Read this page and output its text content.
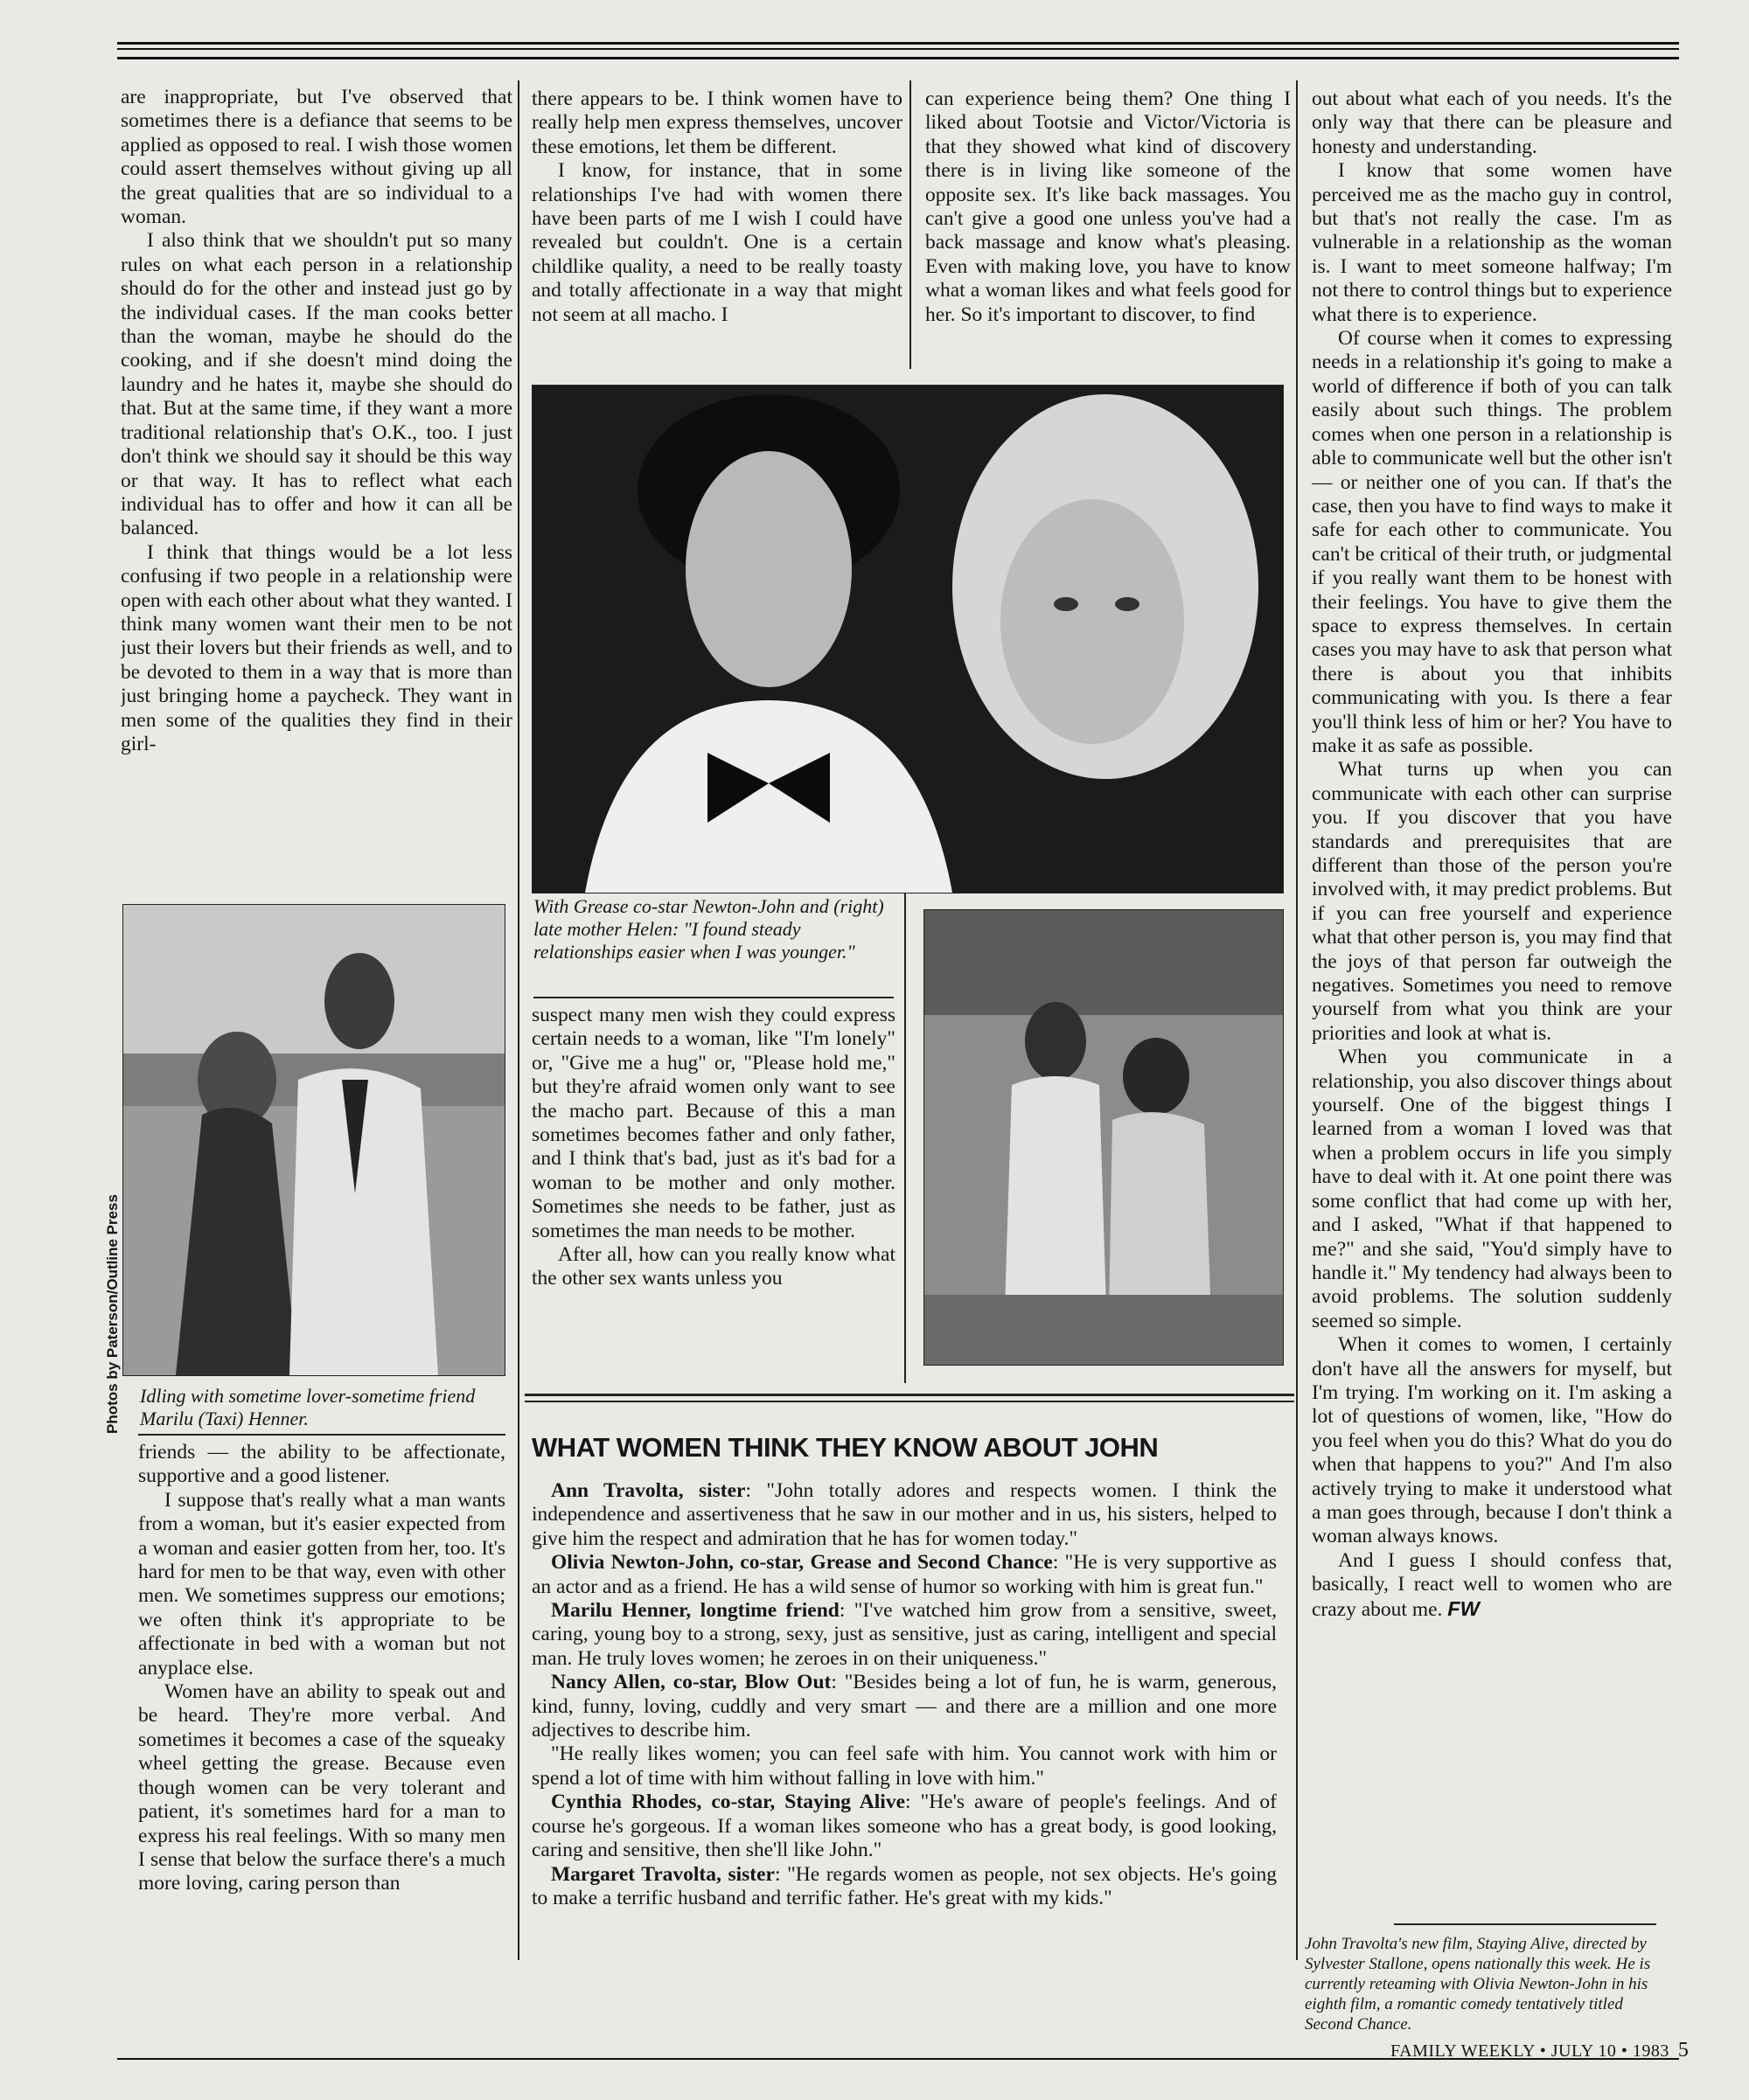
are inappropriate, but I've observed that sometimes there is a defiance that seems to be applied as opposed to real. I wish those women could assert themselves without giving up all the great qualities that are so individual to a woman.

I also think that we shouldn't put so many rules on what each person in a relationship should do for the other and instead just go by the individual cases. If the man cooks better than the woman, maybe he should do the cooking, and if she doesn't mind doing the laundry and he hates it, maybe she should do that. But at the same time, if they want a more traditional relationship that's O.K., too. I just don't think we should say it should be this way or that way. It has to reflect what each individual has to offer and how it can all be balanced.

I think that things would be a lot less confusing if two people in a relationship were open with each other about what they wanted. I think many women want their men to be not just their lovers but their friends as well, and to be devoted to them in a way that is more than just bringing home a paycheck. They want in men some of the qualities they find in their girl-

Photos by Paterson/Outline Press Idling with sometime lover-sometime friend Marilu (Taxi) Henner.

friends — the ability to be affectionate, supportive and a good listener.

I suppose that's really what a man wants from a woman, but it's easier expected from a woman and easier gotten from her, too. It's hard for men to be that way, even with other men. We sometimes suppress our emotions; we often think it's appropriate to be affectionate in bed with a woman but not anyplace else.

Women have an ability to speak out and be heard. They're more verbal. And sometimes it becomes a case of the squeaky wheel getting the grease. Because even though women can be very tolerant and patient, it's sometimes hard for a man to express his real feelings. With so many men I sense that below the surface there's a much more loving, caring person than

there appears to be. I think women have to really help men express themselves, uncover these emotions, let them be different.

I know, for instance, that in some relationships I've had with women there have been parts of me I wish I could have revealed but couldn't. One is a certain childlike quality, a need to be really toasty and totally affectionate in a way that might not seem at all macho. I

can experience being them? One thing I liked about Tootsie and Victor/Victoria is that they showed what kind of discovery there is in living like someone of the opposite sex. It's like back massages. You can't give a good one unless you've had a back massage and know what's pleasing. Even with making love, you have to know what a woman likes and what feels good for her. So it's important to discover, to find

With Grease co-star Newton-John and (right) late mother Helen: "I found steady relationships easier when I was younger."

suspect many men wish they could express certain needs to a woman, like "I'm lonely" or, "Give me a hug" or, "Please hold me," but they're afraid women only want to see the macho part. Because of this a man sometimes becomes father and only father, and I think that's bad, just as it's bad for a woman to be mother and only mother. Sometimes she needs to be father, just as sometimes the man needs to be mother.

After all, how can you really know what the other sex wants unless you

WHAT WOMEN THINK THEY KNOW ABOUT JOHN

Ann Travolta, sister: "John totally adores and respects women. I think the independence and assertiveness that he saw in our mother and in us, his sisters, helped to give him the respect and admiration that he has for women today."

Olivia Newton-John, co-star, Grease and Second Chance: "He is very supportive as an actor and as a friend. He has a wild sense of humor so working with him is great fun."

Marilu Henner, longtime friend: "I've watched him grow from a sensitive, sweet, caring, young boy to a strong, sexy, just as sensitive, just as caring, intelligent and special man. He truly loves women; he zeroes in on their uniqueness."

Nancy Allen, co-star, Blow Out: "Besides being a lot of fun, he is warm, generous, kind, funny, loving, cuddly and very smart — and there are a million and one more adjectives to describe him.

"He really likes women; you can feel safe with him. You cannot work with him or spend a lot of time with him without falling in love with him."

Cynthia Rhodes, co-star, Staying Alive: "He's aware of people's feelings. And of course he's gorgeous. If a woman likes someone who has a great body, is good looking, caring and sensitive, then she'll like John."

Margaret Travolta, sister: "He regards women as people, not sex objects. He's going to make a terrific husband and terrific father. He's great with my kids."

out about what each of you needs. It's the only way that there can be pleasure and honesty and understanding.

I know that some women have perceived me as the macho guy in control, but that's not really the case. I'm as vulnerable in a relationship as the woman is. I want to meet someone halfway; I'm not there to control things but to experience what there is to experience.

Of course when it comes to expressing needs in a relationship it's going to make a world of difference if both of you can talk easily about such things. The problem comes when one person in a relationship is able to communicate well but the other isn't — or neither one of you can. If that's the case, then you have to find ways to make it safe for each other to communicate. You can't be critical of their truth, or judgmental if you really want them to be honest with their feelings. You have to give them the space to express themselves. In certain cases you may have to ask that person what there is about you that inhibits communicating with you. Is there a fear you'll think less of him or her? You have to make it as safe as possible.

What turns up when you can communicate with each other can surprise you. If you discover that you have standards and prerequisites that are different than those of the person you're involved with, it may predict problems. But if you can free yourself and experience what that other person is, you may find that the joys of that person far outweigh the negatives. Sometimes you need to remove yourself from what you think are your priorities and look at what is.

When you communicate in a relationship, you also discover things about yourself. One of the biggest things I learned from a woman I loved was that when a problem occurs in life you simply have to deal with it. At one point there was some conflict that had come up with her, and I asked, "What if that happened to me?" and she said, "You'd simply have to handle it." My tendency had always been to avoid problems. The solution suddenly seemed so simple.

When it comes to women, I certainly don't have all the answers for myself, but I'm trying. I'm working on it. I'm asking a lot of questions of women, like, "How do you feel when you do this? What do you do when that happens to you?" And I'm also actively trying to make it understood what a man goes through, because I don't think a woman always knows.

And I guess I should confess that, basically, I react well to women who are crazy about me. FW

John Travolta's new film, Staying Alive, directed by Sylvester Stallone, opens nationally this week. He is currently reteaming with Olivia Newton-John in his eighth film, a romantic comedy tentatively titled Second Chance.
FAMILY WEEKLY • JULY 10 • 1983 5
